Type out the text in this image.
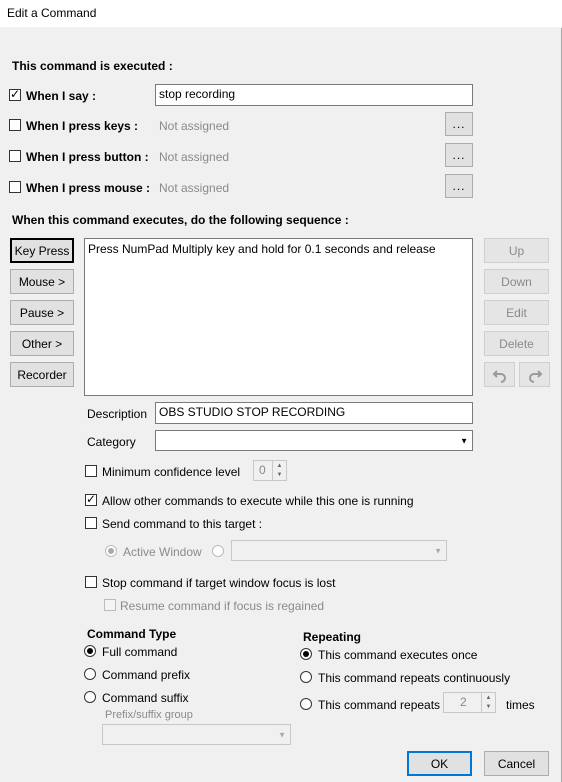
Edit a Command
This command is executed :
✓
When I say :	stop recording
When I press keys : Not assigned	...
When I press button : Not assigned	...
When I press mouse : Not assigned	...
When this command executes, do the following sequence :
Key Press
Mouse >
Pause >
Other >
Recorder
Press NumPad Multiply key and hold for 0.1 seconds and release	Up
Down
Edit
Delete
Description OBS STUDIO STOP RECORDING
Category	▼
Minimum confidence level 0 ▲
▼
✓
Allow other commands to execute while this one is running
Send command to this target :
Active Window	▼
Stop command if target window focus is lost
Resume command if focus is regained
Command Type
Full command
Command prefix
Command suffix
Prefix/suffix group
▼
Repeating
This command executes once
This command repeats continuously
This command repeats 2	▲
▼ times
OK	Cancel
